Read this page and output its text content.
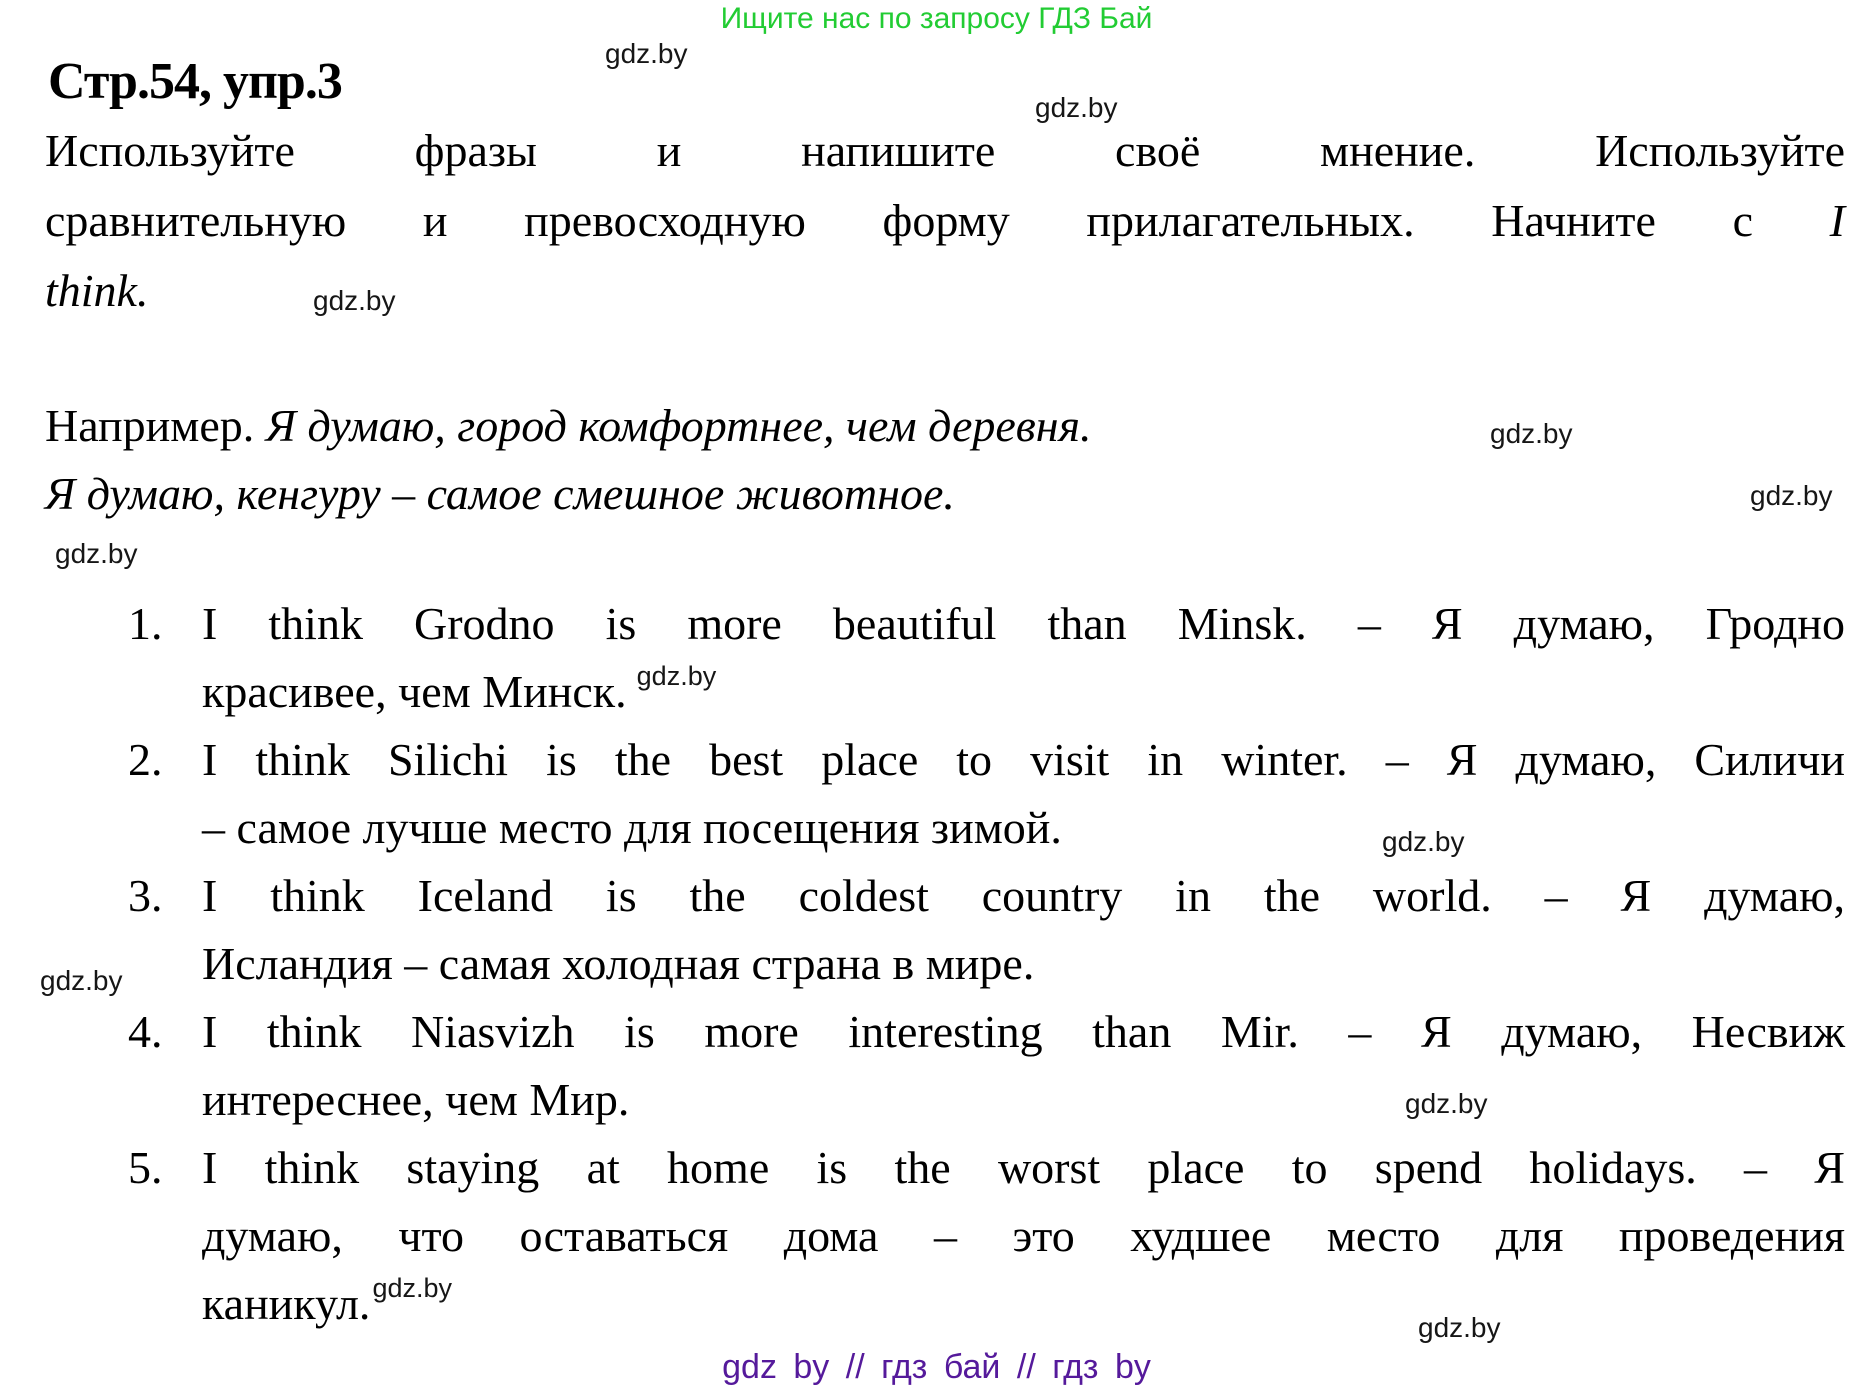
Ищите нас по запросу ГДЗ Бай
gdz.by
gdz.by
gdz.by
gdz.by
gdz.by
gdz.by
gdz.by
gdz.by
gdz.by
gdz.by
Стр.54, упр.3
Используйте фразы и напишите своё мнение. Используйте
сравнительную и превосходную форму прилагательных. Начните с I
think.
Например. Я думаю, город комфортнее, чем деревня.
Я думаю, кенгуру – самое смешное животное.
1. I think Grodno is more beautiful than Minsk. – Я думаю, Гродно
красивее, чем Минск. $^{gdz.by}$
2. I think Silichi is the best place to visit in winter. – Я думаю, Силичи
– самое лучше место для посещения зимой.
3. I think Iceland is the coldest country in the world. – Я думаю,
Исландия – самая холодная страна в мире.
4. I think Niasvizh is more interesting than Mir. – Я думаю, Несвиж
интереснее, чем Мир.
5. I think staying at home is the worst place to spend holidays. – Я
думаю, что оставаться дома – это худшее место для проведения
каникул.$^{gdz.by}$
gdz by // гдз бай // гдз by
